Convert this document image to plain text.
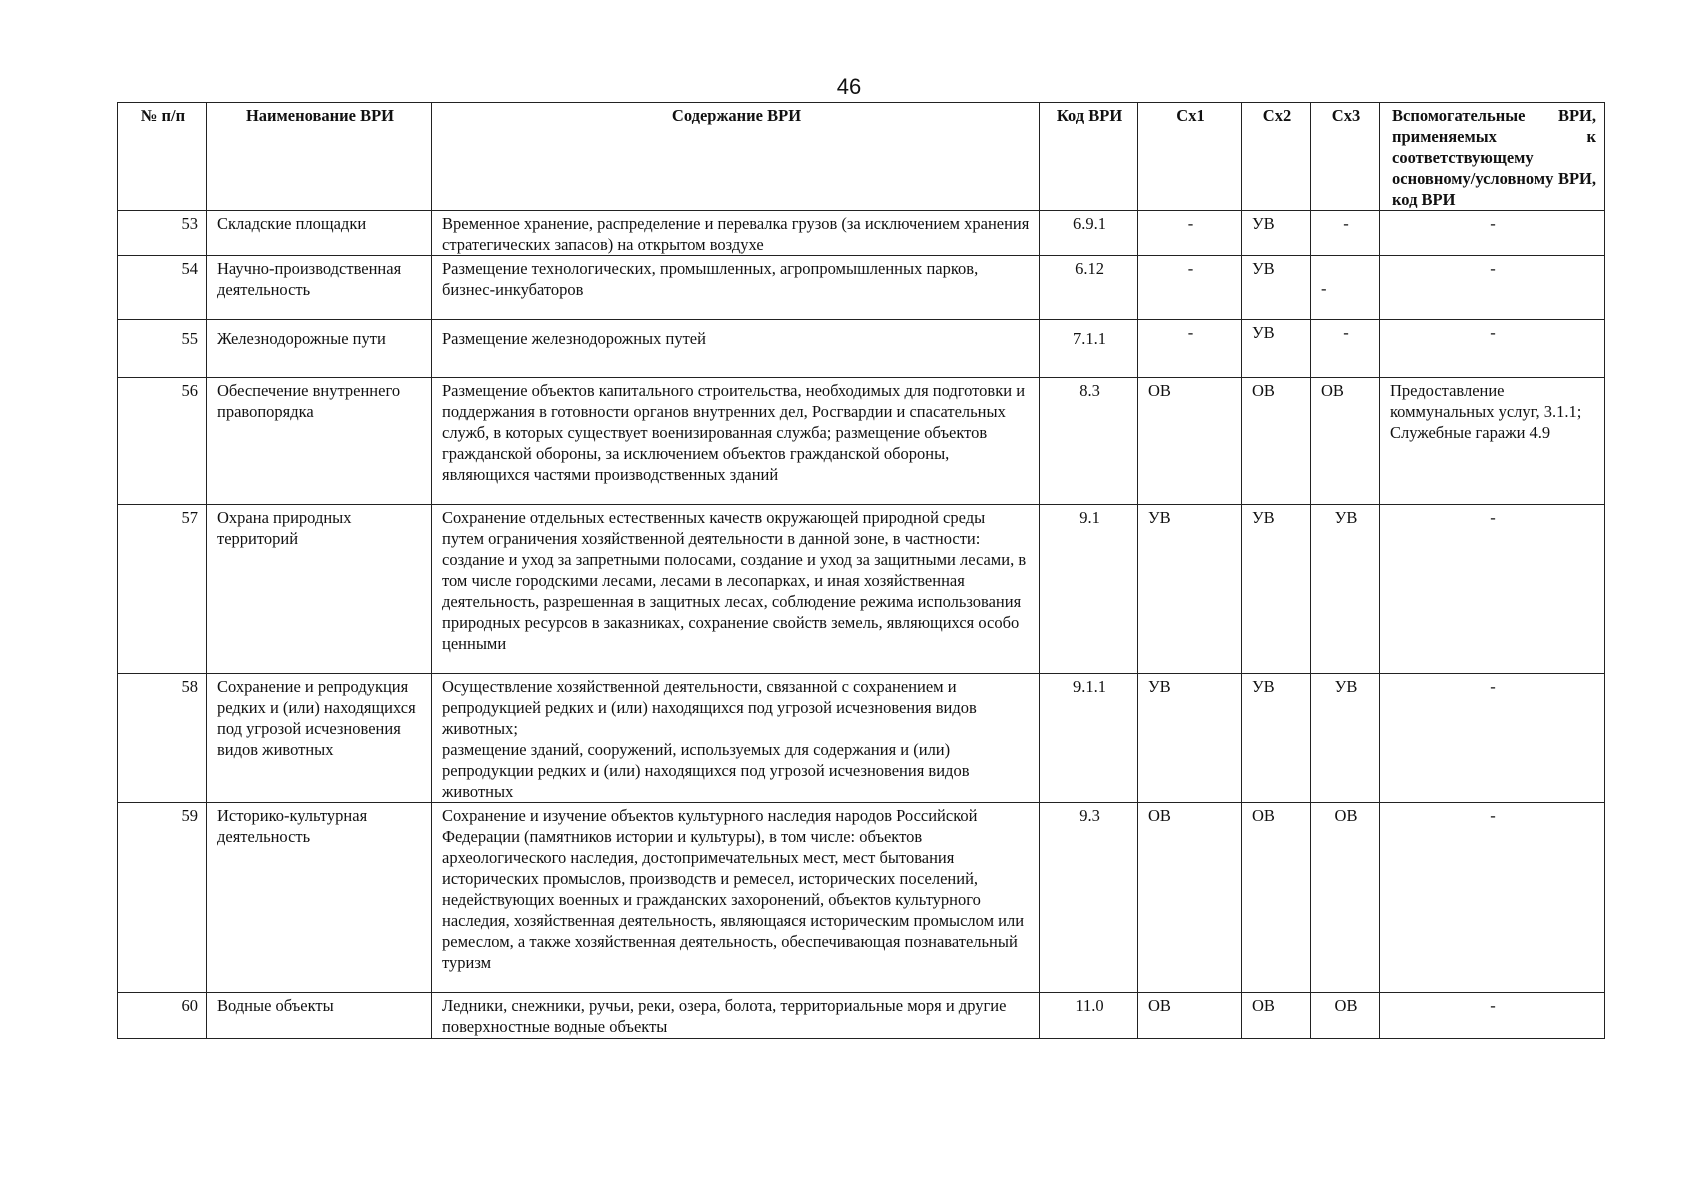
46
№ п/п	Наименование ВРИ	Содержание ВРИ	Код ВРИ	Сх1	Сх2	Сх3	Вспомогательные ВРИ, применяемых к соответствующему основному/условному ВРИ, код ВРИ
53	Складские площадки	Временное хранение, распределение и перевалка грузов (за исключением хранения стратегических запасов) на открытом воздухе	6.9.1	-	УВ	-	-
54	Научно-производственная деятельность	Размещение технологических, промышленных, агропромышленных парков, бизнес-инкубаторов	6.12	-	УВ	-	-
55	Железнодорожные пути	Размещение железнодорожных путей	7.1.1	-	УВ	-	-
56	Обеспечение внутреннего правопорядка	Размещение объектов капитального строительства, необходимых для подготовки и поддержания в готовности органов внутренних дел, Росгвардии и спасательных служб, в которых существует военизированная служба; размещение объектов гражданской обороны, за исключением объектов гражданской обороны, являющихся частями производственных зданий	8.3	ОВ	ОВ	ОВ	Предоставление коммунальных услуг, 3.1.1;
Служебные гаражи 4.9
57	Охрана природных территорий	Сохранение отдельных естественных качеств окружающей природной среды путем ограничения хозяйственной деятельности в данной зоне, в частности: создание и уход за запретными полосами, создание и уход за защитными лесами, в том числе городскими лесами, лесами в лесопарках, и иная хозяйственная деятельность, разрешенная в защитных лесах, соблюдение режима использования природных ресурсов в заказниках, сохранение свойств земель, являющихся особо ценными	9.1	УВ	УВ	УВ	-
58	Сохранение и репродукция редких и (или) находящихся под угрозой исчезновения видов животных	Осуществление хозяйственной деятельности, связанной с сохранением и репродукцией редких и (или) находящихся под угрозой исчезновения видов животных;
размещение зданий, сооружений, используемых для содержания и (или) репродукции редких и (или) находящихся под угрозой исчезновения видов животных	9.1.1	УВ	УВ	УВ	-
59	Историко-культурная деятельность	Сохранение и изучение объектов культурного наследия народов Российской Федерации (памятников истории и культуры), в том числе: объектов археологического наследия, достопримечательных мест, мест бытования исторических промыслов, производств и ремесел, исторических поселений, недействующих военных и гражданских захоронений, объектов культурного наследия, хозяйственная деятельность, являющаяся историческим промыслом или ремеслом, а также хозяйственная деятельность, обеспечивающая познавательный туризм	9.3	ОВ	ОВ	ОВ	-
60	Водные объекты	Ледники, снежники, ручьи, реки, озера, болота, территориальные моря и другие поверхностные водные объекты	11.0	ОВ	ОВ	ОВ	-
